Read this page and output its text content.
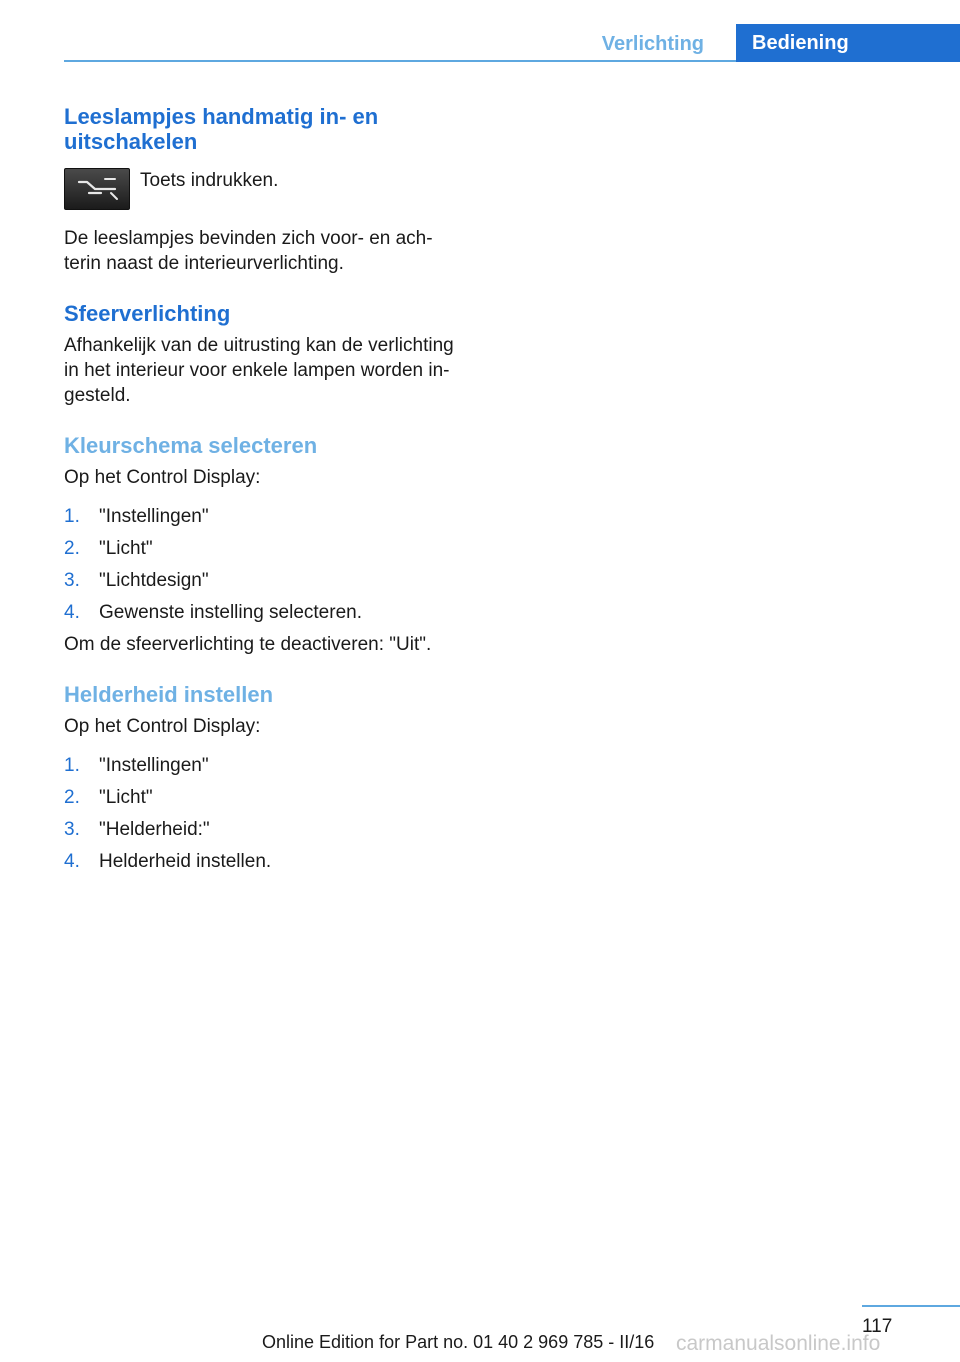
Verlichting	Bediening
Leeslampjes handmatig in- en
uitschakelen
Toets indrukken.

De leeslampjes bevinden zich voor- en ach-
terin naast de interieurverlichting.

Sfeerverlichting

Afhankelijk van de uitrusting kan de verlichting
in het interieur voor enkele lampen worden in-
gesteld.

Kleurschema selecteren

Op het Control Display:

1. "Instellingen"
2. "Licht"
3. "Lichtdesign"
4. Gewenste instelling selecteren.

Om de sfeerverlichting te deactiveren: "Uit".

Helderheid instellen

Op het Control Display:

1. "Instellingen"
2. "Licht"
3. "Helderheid:"
4. Helderheid instellen.
117
Online Edition for Part no. 01 40 2 969 785 - II/16 carmanualsonline.info
